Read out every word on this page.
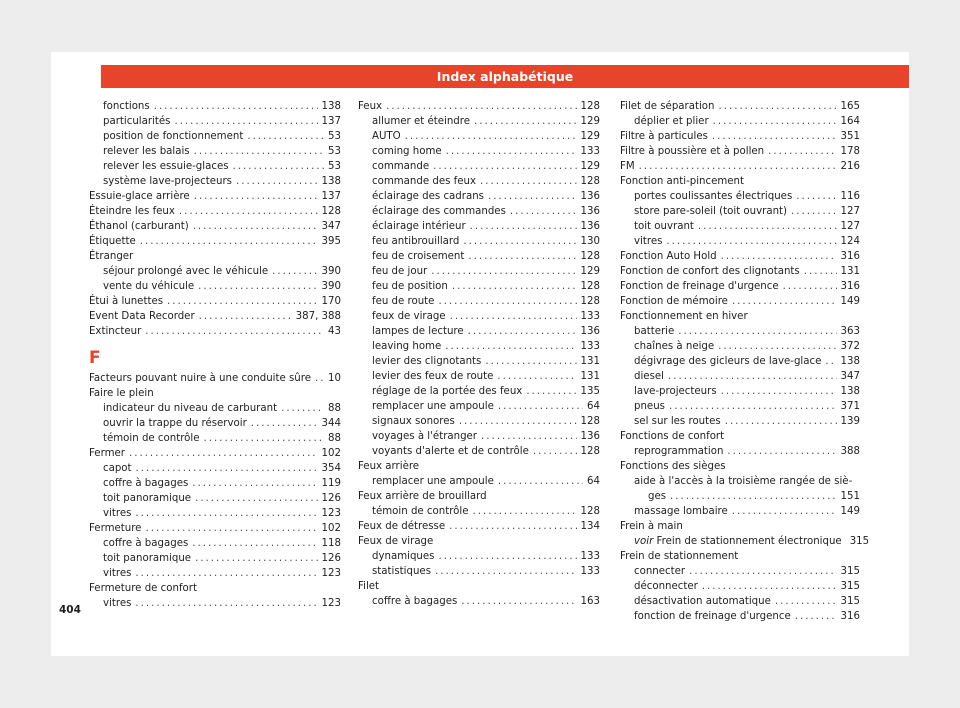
Index alphabétique
fonctions .....	138
particularités .....	137
position de fonctionnement .....	53
relever les balais .....	53
relever les essuie-glaces .....	53
système lave-projecteurs .....	138
Essuie-glace arrière .....	137
Éteindre les feux .....	128
Éthanol (carburant) .....	347
Étiquette .....	395
Étranger
séjour prolongé avec le véhicule .....	390
vente du véhicule .....	390
Étui à lunettes .....	170
Event Data Recorder .....	387, 388
Extincteur .....	43
F
Facteurs pouvant nuire à une conduite sûre ..... 10
Faire le plein
indicateur du niveau de carburant .....	88
ouvrir la trappe du réservoir .....	344
témoin de contrôle .....	88
Fermer .....	102
capot .....	354
coffre à bagages .....	119
toit panoramique .....	126
vitres .....	123
Fermeture .....	102
coffre à bagages .....	118
toit panoramique .....	126
vitres .....	123
Fermeture de confort
vitres .....	123
Feux .....	128
allumer et éteindre .....	129
AUTO .....	129
coming home .....	133
commande .....	129
commande des feux .....	128
éclairage des cadrans .....	136
éclairage des commandes .....	136
éclairage intérieur .....	136
feu antibrouillard .....	130
feu de croisement .....	128
feu de jour .....	129
feu de position .....	128
feu de route .....	128
feux de virage .....	133
lampes de lecture .....	136
leaving home .....	133
levier des clignotants .....	131
levier des feux de route .....	131
réglage de la portée des feux .....	135
remplacer une ampoule .....	64
signaux sonores .....	128
voyages à l'étranger .....	136
voyants d'alerte et de contrôle .....	128
Feux arrière
remplacer une ampoule .....	64
Feux arrière de brouillard
témoin de contrôle .....	128
Feux de détresse .....	134
Feux de virage
dynamiques .....	133
statistiques .....	133
Filet
coffre à bagages .....	163
Filet de séparation .....	165
déplier et plier .....	164
Filtre à particules .....	351
Filtre à poussière et à pollen .....	178
FM .....	216
Fonction anti-pincement
portes coulissantes électriques .....	116
store pare-soleil (toit ouvrant) .....	127
toit ouvrant .....	127
vitres .....	124
Fonction Auto Hold .....	316
Fonction de confort des clignotants .....	131
Fonction de freinage d'urgence .....	316
Fonction de mémoire .....	149
Fonctionnement en hiver
batterie .....	363
chaînes à neige .....	372
dégivrage des gicleurs de lave-glace ..... 138
diesel .....	347
lave-projecteurs .....	138
pneus .....	371
sel sur les routes .....	139
Fonctions de confort
reprogrammation .....	388
Fonctions des sièges
aide à l'accès à la troisième rangée de siè-
ges .....	151
massage lombaire .....	149
Frein à main
voir Frein de stationnement électronique 315
Frein de stationnement
connecter .....	315
déconnecter .....	315
désactivation automatique .....	315
fonction de freinage d'urgence .....	316
404
